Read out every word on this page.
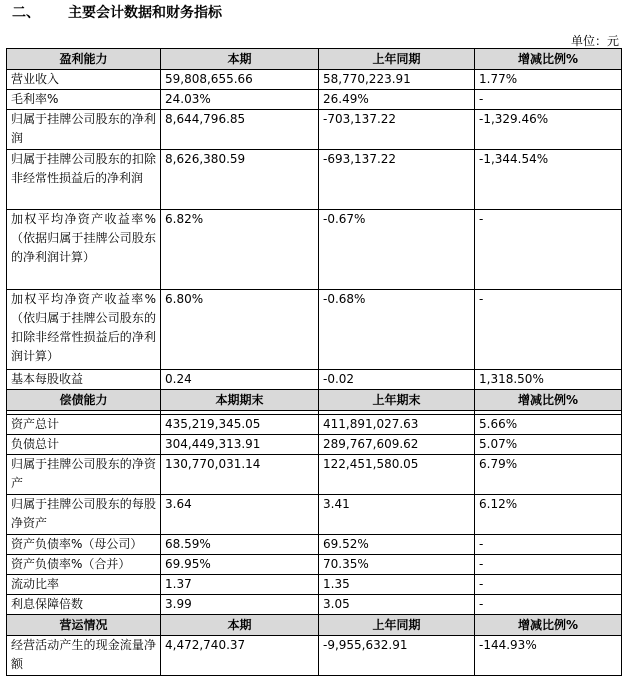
二、 主要会计数据和财务指标
单位：元
盈利能力	本期	上年同期	增减比例%
营业收入	59,808,655.66	58,770,223.91	1.77%
毛利率%	24.03%	26.49%	-
归属于挂牌公司股东的净利润	8,644,796.85	-703,137.22	-1,329.46%
归属于挂牌公司股东的扣除非经常性损益后的净利润	8,626,380.59	-693,137.22	-1,344.54%
加权平均净资产收益率%（依据归属于挂牌公司股东的净利润计算）	6.82%	-0.67%	-
加权平均净资产收益率%（依归属于挂牌公司股东的扣除非经常性损益后的净利润计算）	6.80%	-0.68%	-
基本每股收益	0.24	-0.02	1,318.50%
偿债能力	本期期末	上年期末	增减比例%

资产总计	435,219,345.05	411,891,027.63	5.66%
负债总计	304,449,313.91	289,767,609.62	5.07%
归属于挂牌公司股东的净资产	130,770,031.14	122,451,580.05	6.79%
归属于挂牌公司股东的每股净资产	3.64	3.41	6.12%
资产负债率%（母公司）	68.59%	69.52%	-
资产负债率%（合并）	69.95%	70.35%	-
流动比率	1.37	1.35	-
利息保障倍数	3.99	3.05	-
营运情况	本期	上年同期	增减比例%
经营活动产生的现金流量净额	4,472,740.37	-9,955,632.91	-144.93%
